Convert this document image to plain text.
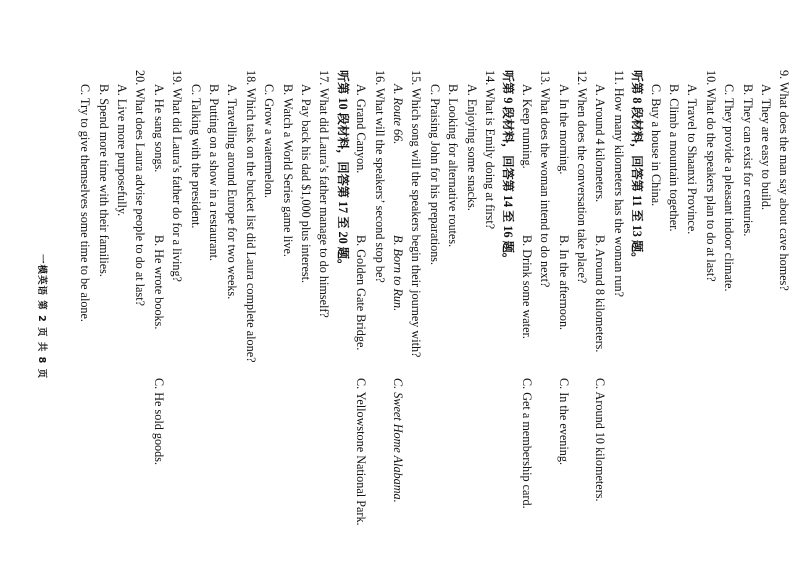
9. What does the man say about cave homes?
A. They are easy to build.
B. They can exist for centuries.
C. They provide a pleasant indoor climate.
10. What do the speakers plan to do at last?
A. Travel to Shaanxi Province.
B. Climb a mountain together.
C. Buy a house in China.
听第 8 段材料，回答第 11 至 13 题。
11. How many kilometers has the woman run?
A. Around 4 kilometers.
B. Around 8 kilometers.
C. Around 10 kilometers.
12. When does the conversation take place?
A. In the morning.
B. In the afternoon.
C. In the evening.
13. What does the woman intend to do next?
A. Keep running.
B. Drink some water.
C. Get a membership card.
听第 9 段材料，回答第 14 至 16 题。
14. What is Emily doing at first?
A. Enjoying some snacks.
B. Looking for alternative routes.
C. Praising John for his preparations.
15. Which song will the speakers begin their journey with?
A. Route 66.
B. Born to Run.
C. Sweet Home Alabama.
16. What will the speakers’ second stop be?
A. Grand Canyon.
B. Golden Gate Bridge.
C. Yellowstone National Park.
听第 10 段材料，回答第 17 至 20 题。
17. What did Laura’s father manage to do himself?
A. Pay back his dad $1,000 plus interest.
B. Watch a World Series game live.
C. Grow a watermelon.
18. Which task on the bucket list did Laura complete alone?
A. Travelling around Europe for two weeks.
B. Putting on a show in a restaurant.
C. Talking with the president.
19. What did Laura’s father do for a living?
A. He sang songs.
B. He wrote books.
C. He sold goods.
20. What does Laura advise people to do at last?
A. Live more purposefully.
B. Spend more time with their families.
C. Try to give themselves some time to be alone.
一模英语 第 2 页 共 8 页
